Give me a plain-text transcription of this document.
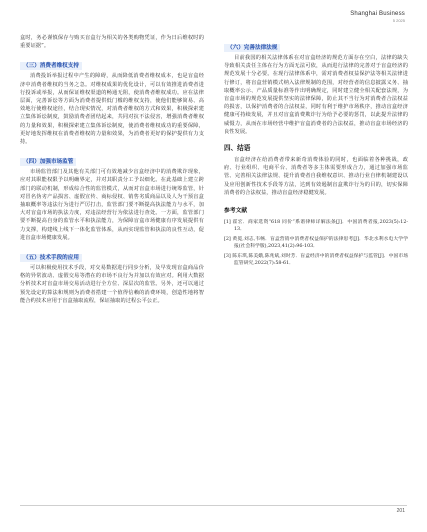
Shanghai Business
5 2025

盒时，务必谨慎保存与购买盲盒行为相关的各类购物凭证，作为日后维权时的重要证据”。

（三）消费者维权支持

消费投诉举报过程中产生的障碍，从而降低消费者维权成本，也是盲盒经济中消费者维权的当务之急。对维权成果的优化设计，可以有效推进消费者进行投诉或举报，从而保证维权渠道的畅通无阻，使消费者维权成功。应在法律层面，完善诉讼等方面为消费者提供低门槛的维权支持，使他们能够简易、高效地行使维权途径，结合现实情况，对消费者维权的方式和效果，积极探索建立集体诉讼制度，鼓励消费者团结起来，共同对抗不法侵害，增强消费者维权的力量和效果，积极探索建立集体诉讼制度，使消费者维权成功的重要保障，更好地发挥维权在消费者维权的力量和效果，为消费者更好的保护提供有力支持。

（四）加强市场监管

市场监管部门及其他有关部门可有效地减少盲盒经济中的消费欺诈现象，应对其职能权限予以明确界定，并对其职责分工予以细化。在此基础上建立跨部门的联动机制，形成综合性的监管模式，从而对盲盒市场进行统筹监管，针对冒名伪劣产品损害、虚假宣传、商标侵权、销售劣质商品以及人为干预盲盒抽取概率等违法行为进行严厉打击，监管部门要不断提高执法能力与水平，加大对盲盒市场的执法力度，对违法经营行为依法进行查处。一方面，监管部门要不断提高自身的监管水平和执法能力，为保障盲盒市场健康有序发展提供有力支撑，构建线上线下一体化监管体系，从而实现监管和执法的良性互动，促进盲盒市场健康发展。

（五）技术手段的应用

可以积极使用技术手段，对交易数据进行同步分析，及早发现盲盒商品价格的异常波动、虚假交易等潜在的市场不良行为并加以有效应对。利用大数据分析技术对盲盒市场交易活动进行全方位、深层次的监管。另外，还可以通过预先设定的算法和规则为消费者搭建一个值得信赖的消费环境，创造性地将智能合约技术应用于盲盒抽取流程，保证抽取的过程公平公正。

（六）完善法律法规

目前我国的相关法律体系在对盲盒经济的规范方面存在空白，法律的缺失导致相关责任主体在行为方面无法可依，从而进行法律的完善对于盲盒经济的规范发展十分必要。在现行法律体系中，需对消费者权益保护法等相关法律进行修订，将盲盒营销模式纳入法律规制的范围，对经营者的信息披露义务、抽取概率公示、产品质量标准等作出明确规定，同时建立健全相关配套法规，为盲盒市场的规范发展提供坚实的法律保障，防止其不当行为对消费者合法权益的损害，以保护消费者的合法权益，同时有利于维护市场秩序，推动盲盒经济健康可持续发展，并且对盲盒消费欺诈行为给予必要的惩罚，以此提升法律的威慑力，从而在市场经营中维护盲盒消费者的合法权益，推动盲盒市场经济的良性发展。

四、结语

盲盒经济在给消费者带来新奇消费体验的同时，也面临着各种挑战，政府、行业组织、电商平台、消费者等多主体需要形成合力，通过加强市场监管、完善相关法律法规、提升消费者自我维权意识、推动行业自律机制建设以及应用创新性技术手段等方法，达到有效遏制盲盒欺诈行为的目的，切实保障消费者的合法权益，推动盲盒经济稳健发展。

参考文献
[1] 霍宏．商家选资“618 同价”系谱律师详解法条[J]．中国消费者报,2023(5):12-13．
[2] 黄冕,刘志,韦畅．盲盒营销中消费者权益保护的法律思考[J]．华北水利水电大学学报(社会科学版),2023,41(2):96-103．
[3] 陈东琪,陈美娥,陈兆斌,刘时芳．盲盒经济中的消费者权益保护与监管[J]．中国市场监管研究,2022(7):58-61．
201
